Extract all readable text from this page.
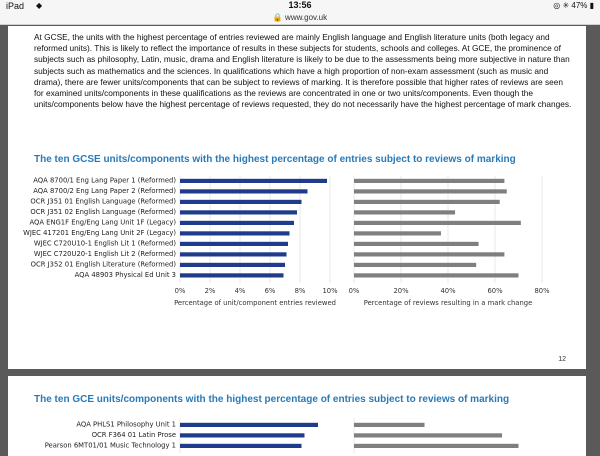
iPad ◆	13:56	◎ ✳ 47% ▮
🔒 www.gov.uk

At GCSE, the units with the highest percentage of entries reviewed are mainly English language and English literature units (both legacy and reformed units). This is likely to reflect the importance of results in these subjects for students, schools and colleges. At GCE, the prominence of subjects such as philosophy, Latin, music, drama and English literature is likely to be due to the assessments being more subjective in nature than subjects such as mathematics and the sciences. In qualifications which have a high proportion of non-exam assessment (such as music and drama), there are fewer units/components that can be subject to reviews of marking. It is therefore possible that higher rates of reviews are seen for examined units/components in these qualifications as the reviews are concentrated in one or two units/components. Even though the units/components below have the highest percentage of reviews requested, they do not necessarily have the highest percentage of mark changes.

The ten GCSE units/components with the highest percentage of entries subject to reviews of marking
AQA 8700/1 Eng Lang Paper 1 (Reformed)
AQA 8700/2 Eng Lang Paper 2 (Reformed)
OCR J351 01 English Language (Reformed)
OCR J351 02 English Language (Reformed)
AQA ENG1F Eng/Eng Lang Unit 1F (Legacy)
WJEC 417201 Eng/Eng Lang Unit 2F (Legacy)
WJEC C720U10-1 English Lit 1 (Reformed)
WJEC C720U20-1 English Lit 2 (Reformed)
OCR J352 01 English Literature (Reformed)
AQA 48903 Physical Ed Unit 3
0%	2%	4%	6%	8%	10%
Percentage of unit/component entries reviewed
0%	20%	40%	60%	80%
Percentage of reviews resulting in a mark change
12
The ten GCE units/components with the highest percentage of entries subject to reviews of marking
AQA PHLS1 Philosophy Unit 1
OCR F364 01 Latin Prose
Pearson 6MT01/01 Music Technology 1
